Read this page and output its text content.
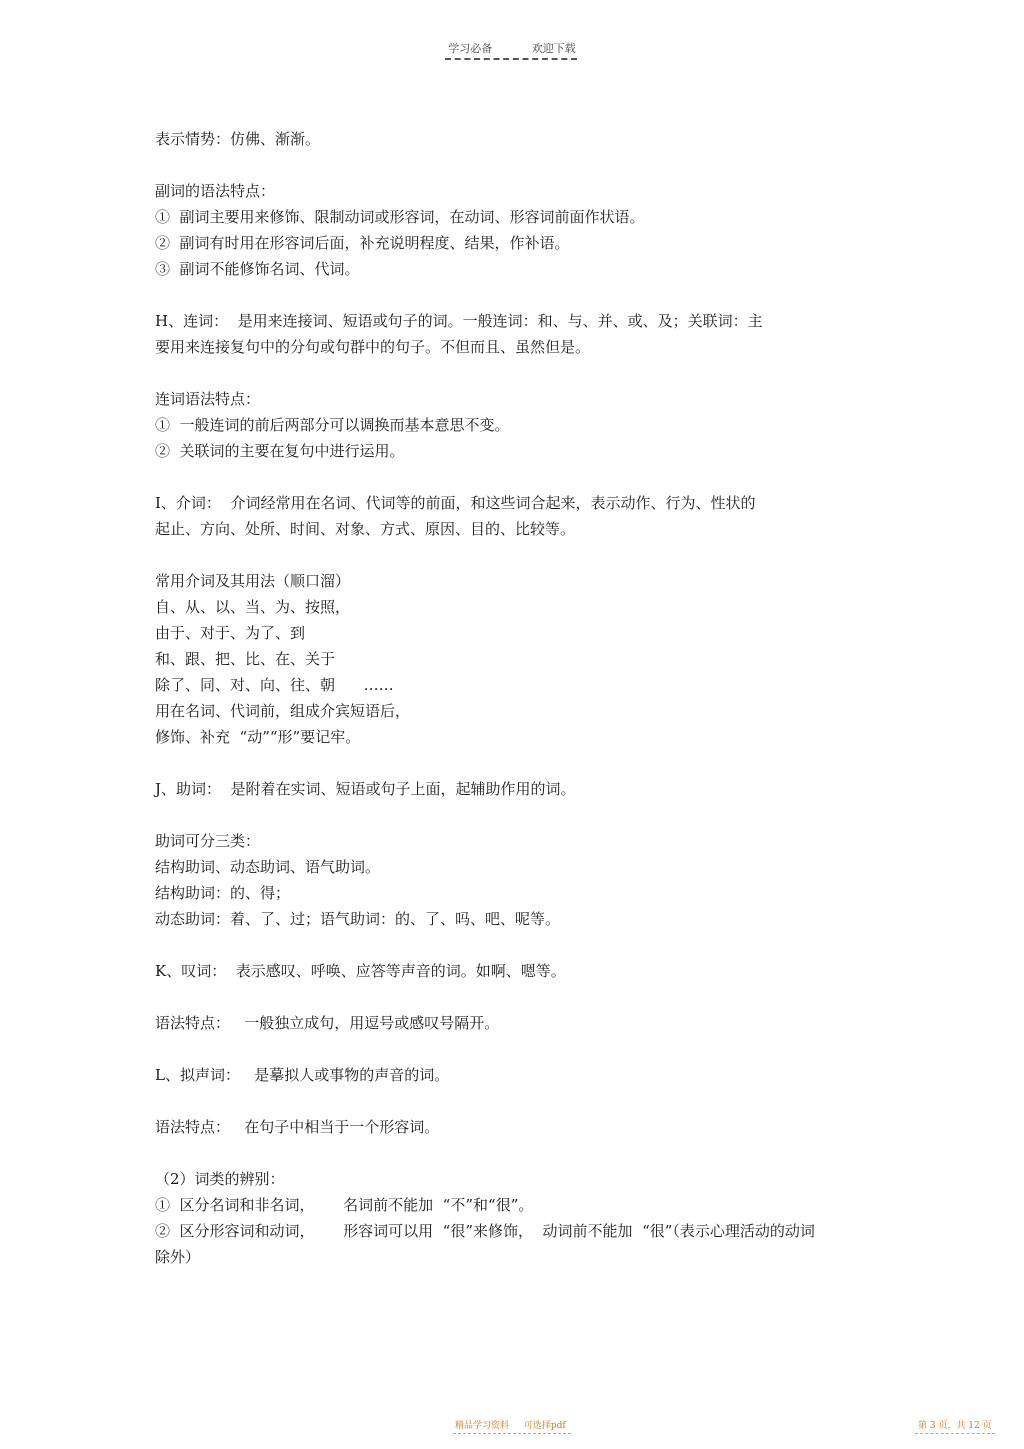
学习必备	欢迎下载

表示情势：仿佛、渐渐。

副词的语法特点：

①  副词主要用来修饰、限制动词或形容词，在动词、形容词前面作状语。

②  副词有时用在形容词后面，补充说明程度、结果，作补语。

③  副词不能修饰名词、代词。

H、连词：  是用来连接词、短语或句子的词。一般连词：和、与、并、或、及；关联词：主

要用来连接复句中的分句或句群中的句子。不但而且、虽然但是。

连词语法特点：

①  一般连词的前后两部分可以调换而基本意思不变。

②  关联词的主要在复句中进行运用。

I、介词：  介词经常用在名词、代词等的前面，和这些词合起来，表示动作、行为、性状的

起止、方向、处所、时间、对象、方式、原因、目的、比较等。

常用介词及其用法（顺口溜）

自、从、以、当、为、按照，

由于、对于、为了、到

和、跟、把、比、在、关于

除了、同、对、向、往、朝      ……

用在名词、代词前，组成介宾短语后，

修饰、补充  “动”“形”要记牢。

J、助词：  是附着在实词、短语或句子上面，起辅助作用的词。

助词可分三类：

结构助词、动态助词、语气助词。

结构助词：的、得；

动态助词：着、了、过；语气助词：的、了、吗、吧、呢等。

K、叹词：  表示感叹、呼唤、应答等声音的词。如啊、嗯等。

语法特点：   一般独立成句，用逗号或感叹号隔开。

L、拟声词：   是摹拟人或事物的声音的词。

语法特点：   在句子中相当于一个形容词。

（2）词类的辨别：

①  区分名词和非名词，      名词前不能加  “不”和“很”。

②  区分形容词和动词，      形容词可以用  “很”来修饰，  动词前不能加  “很”（表示心理活动的动词

除外）

精品学习资料 可选择pdf	第 3 页，共 12 页
